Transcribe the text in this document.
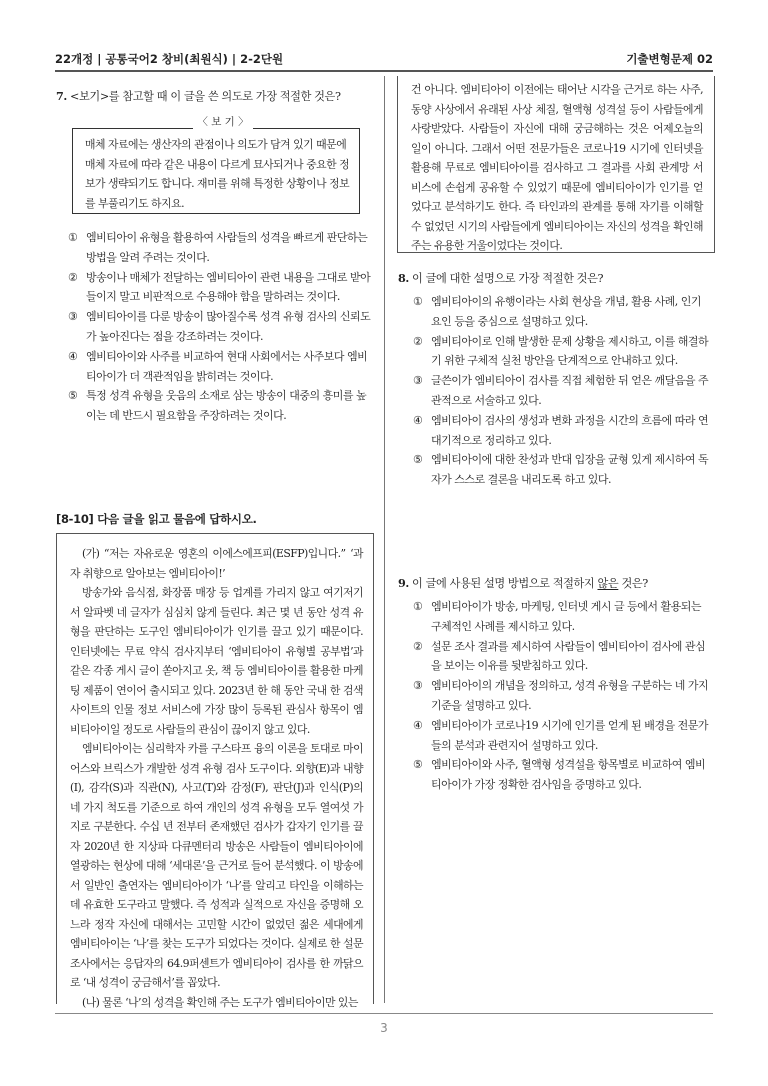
22개정 | 공통국어2 창비(최원식) | 2-2단원	기출변형문제 02
7. <보기>를 참고할 때 이 글을 쓴 의도로 가장 적절한 것은?
매체 자료에는 생산자의 관점이나 의도가 담겨 있기 때문에 매체 자료에 따라 같은 내용이 다르게 묘사되거나 중요한 정보가 생략되기도 합니다. 재미를 위해 특정한 상황이나 정보를 부풀리기도 하지요.
〈 보 기 〉
① 엠비티아이 유형을 활용하여 사람들의 성격을 빠르게 판단하는 방법을 알려 주려는 것이다.
② 방송이나 매체가 전달하는 엠비티아이 관련 내용을 그대로 받아들이지 말고 비판적으로 수용해야 함을 말하려는 것이다.
③ 엠비티아이를 다룬 방송이 많아질수록 성격 유형 검사의 신뢰도가 높아진다는 점을 강조하려는 것이다.
④ 엠비티아이와 사주를 비교하여 현대 사회에서는 사주보다 엠비티아이가 더 객관적임을 밝히려는 것이다.
⑤ 특정 성격 유형을 웃음의 소재로 삼는 방송이 대중의 흥미를 높이는 데 반드시 필요함을 주장하려는 것이다.
[8-10] 다음 글을 읽고 물음에 답하시오.

(가) “저는 자유로운 영혼의 이에스에프피(ESFP)입니다.” ‘과자 취향으로 알아보는 엠비티아이!’

방송가와 음식점, 화장품 매장 등 업계를 가리지 않고 여기저기서 알파벳 네 글자가 심심치 않게 들린다. 최근 몇 년 동안 성격 유형을 판단하는 도구인 엠비티아이가 인기를 끌고 있기 때문이다. 인터넷에는 무료 약식 검사지부터 ‘엠비티아이 유형별 공부법’과 같은 각종 게시 글이 쏟아지고 옷, 책 등 엠비티아이를 활용한 마케팅 제품이 연이어 출시되고 있다. 2023년 한 해 동안 국내 한 검색 사이트의 인물 정보 서비스에 가장 많이 등록된 관심사 항목이 엠비티아이일 정도로 사람들의 관심이 끊이지 않고 있다.

엠비티아이는 심리학자 카를 구스타프 융의 이론을 토대로 마이어스와 브릭스가 개발한 성격 유형 검사 도구이다. 외향(E)과 내향(I), 감각(S)과 직관(N), 사고(T)와 감정(F), 판단(J)과 인식(P)의 네 가지 척도를 기준으로 하여 개인의 성격 유형을 모두 열여섯 가지로 구분한다. 수십 년 전부터 존재했던 검사가 갑자기 인기를 끌자 2020년 한 지상파 다큐멘터리 방송은 사람들이 엠비티아이에 열광하는 현상에 대해 ‘세대론’을 근거로 들어 분석했다. 이 방송에서 일반인 출연자는 엠비티아이가 ‘나’를 알리고 타인을 이해하는 데 유효한 도구라고 말했다. 즉 성적과 실적으로 자신을 증명해 오느라 정작 자신에 대해서는 고민할 시간이 없었던 젊은 세대에게 엠비티아이는 ‘나’를 찾는 도구가 되었다는 것이다. 실제로 한 설문 조사에서는 응답자의 64.9퍼센트가 엠비티아이 검사를 한 까닭으로 ‘내 성격이 궁금해서’를 꼽았다.

(나) 물론 ‘나’의 성격을 확인해 주는 도구가 엠비티아이만 있는

건 아니다. 엠비티아이 이전에는 태어난 시각을 근거로 하는 사주, 동양 사상에서 유래된 사상 체질, 혈액형 성격설 등이 사람들에게 사랑받았다. 사람들이 자신에 대해 궁금해하는 것은 어제오늘의 일이 아니다. 그래서 어떤 전문가들은 코로나19 시기에 인터넷을 활용해 무료로 엠비티아이를 검사하고 그 결과를 사회 관계망 서비스에 손쉽게 공유할 수 있었기 때문에 엠비티아이가 인기를 얻었다고 분석하기도 한다. 즉 타인과의 관계를 통해 자기를 이해할 수 없었던 시기의 사람들에게 엠비티아이는 자신의 성격을 확인해 주는 유용한 거울이었다는 것이다.
8. 이 글에 대한 설명으로 가장 적절한 것은?
① 엠비티아이의 유행이라는 사회 현상을 개념, 활용 사례, 인기 요인 등을 중심으로 설명하고 있다.
② 엠비티아이로 인해 발생한 문제 상황을 제시하고, 이를 해결하기 위한 구체적 실천 방안을 단계적으로 안내하고 있다.
③ 글쓴이가 엠비티아이 검사를 직접 체험한 뒤 얻은 깨달음을 주관적으로 서술하고 있다.
④ 엠비티아이 검사의 생성과 변화 과정을 시간의 흐름에 따라 연대기적으로 정리하고 있다.
⑤ 엠비티아이에 대한 찬성과 반대 입장을 균형 있게 제시하여 독자가 스스로 결론을 내리도록 하고 있다.
9. 이 글에 사용된 설명 방법으로 적절하지 않은 것은?
① 엠비티아이가 방송, 마케팅, 인터넷 게시 글 등에서 활용되는 구체적인 사례를 제시하고 있다.
② 설문 조사 결과를 제시하여 사람들이 엠비티아이 검사에 관심을 보이는 이유를 뒷받침하고 있다.
③ 엠비티아이의 개념을 정의하고, 성격 유형을 구분하는 네 가지 기준을 설명하고 있다.
④ 엠비티아이가 코로나19 시기에 인기를 얻게 된 배경을 전문가들의 분석과 관련지어 설명하고 있다.
⑤ 엠비티아이와 사주, 혈액형 성격설을 항목별로 비교하여 엠비티아이가 가장 정확한 검사임을 증명하고 있다.
3
